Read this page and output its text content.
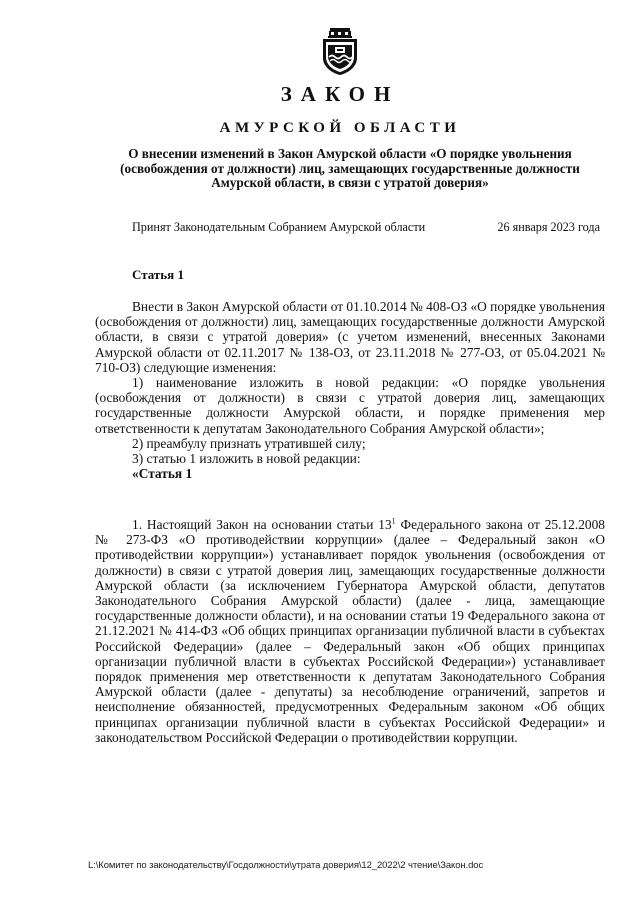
ЗАКОН
АМУРСКОЙ ОБЛАСТИ
О внесении изменений в Закон Амурской области «О порядке увольнения (освобождения от должности) лиц, замещающих государственные должности Амурской области, в связи с утратой доверия»
Принят Законодательным Собранием Амурской области	26 января 2023 года
Статья 1

Внести в Закон Амурской области от 01.10.2014 № 408-ОЗ «О порядке увольнения (освобождения от должности) лиц, замещающих государственные должности Амурской области, в связи с утратой доверия» (с учетом изменений, внесенных Законами Амурской области от 02.11.2017 № 138-ОЗ, от 23.11.2018 № 277-ОЗ, от 05.04.2021 № 710-ОЗ) следующие изменения:

1) наименование изложить в новой редакции: «О порядке увольнения (освобождения от должности) в связи с утратой доверия лиц, замещающих государственные должности Амурской области, и порядке применения мер ответственности к депутатам Законодательного Собрания Амурской области»;

2) преамбулу признать утратившей силу;

3) статью 1 изложить в новой редакции:

«Статья 1

1. Настоящий Закон на основании статьи $13^1$ Федерального закона от 25.12.2008 № 273-ФЗ «О противодействии коррупции» (далее – Федеральный закон «О противодействии коррупции») устанавливает порядок увольнения (освобождения от должности) в связи с утратой доверия лиц, замещающих государственные должности Амурской области (за исключением Губернатора Амурской области, депутатов Законодательного Собрания Амурской области) (далее - лица, замещающие государственные должности области), и на основании статьи 19 Федерального закона от 21.12.2021 № 414-ФЗ «Об общих принципах организации публичной власти в субъектах Российской Федерации» (далее – Федеральный закон «Об общих принципах организации публичной власти в субъектах Российской Федерации») устанавливает порядок применения мер ответственности к депутатам Законодательного Собрания Амурской области (далее - депутаты) за несоблюдение ограничений, запретов и неисполнение обязанностей, предусмотренных Федеральным законом «Об общих принципах организации публичной власти в субъектах Российской Федерации» и законодательством Российской Федерации о противодействии коррупции.

L:\Комитет по законодательству\Госдолжности\утрата доверия\12_2022\2 чтение\Закон.doc
